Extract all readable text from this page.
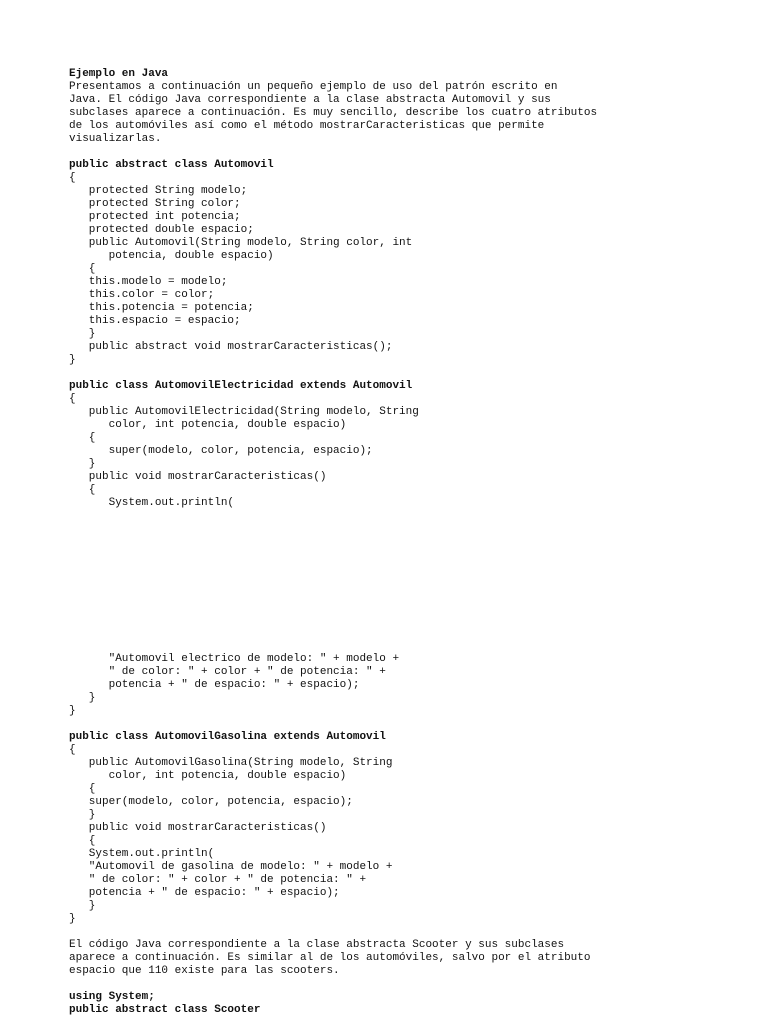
Ejemplo en Java
Presentamos a continuación un pequeño ejemplo de uso del patrón escrito en
Java. El código Java correspondiente a la clase abstracta Automovil y sus
subclases aparece a continuación. Es muy sencillo, describe los cuatro atributos
de los automóviles así como el método mostrarCaracteristicas que permite
visualizarlas.
public abstract class Automovil
{
protected String modelo;
protected String color;
protected int potencia;
protected double espacio;
public Automovil(String modelo, String color, int
potencia, double espacio)
{
this.modelo = modelo;
this.color = color;
this.potencia = potencia;
this.espacio = espacio;
}
public abstract void mostrarCaracteristicas();
}
public class AutomovilElectricidad extends Automovil
{
public AutomovilElectricidad(String modelo, String
color, int potencia, double espacio)
{
super(modelo, color, potencia, espacio);
}
public void mostrarCaracteristicas()
{
System.out.println(
"Automovil electrico de modelo: " + modelo +
" de color: " + color + " de potencia: " +
potencia + " de espacio: " + espacio);
}
}
public class AutomovilGasolina extends Automovil
{
public AutomovilGasolina(String modelo, String
color, int potencia, double espacio)
{
super(modelo, color, potencia, espacio);
}
public void mostrarCaracteristicas()
{
System.out.println(
"Automovil de gasolina de modelo: " + modelo +
" de color: " + color + " de potencia: " +
potencia + " de espacio: " + espacio);
}
}
El código Java correspondiente a la clase abstracta Scooter y sus subclases
aparece a continuación. Es similar al de los automóviles, salvo por el atributo
espacio que 110 existe para las scooters.
using System;
public abstract class Scooter
